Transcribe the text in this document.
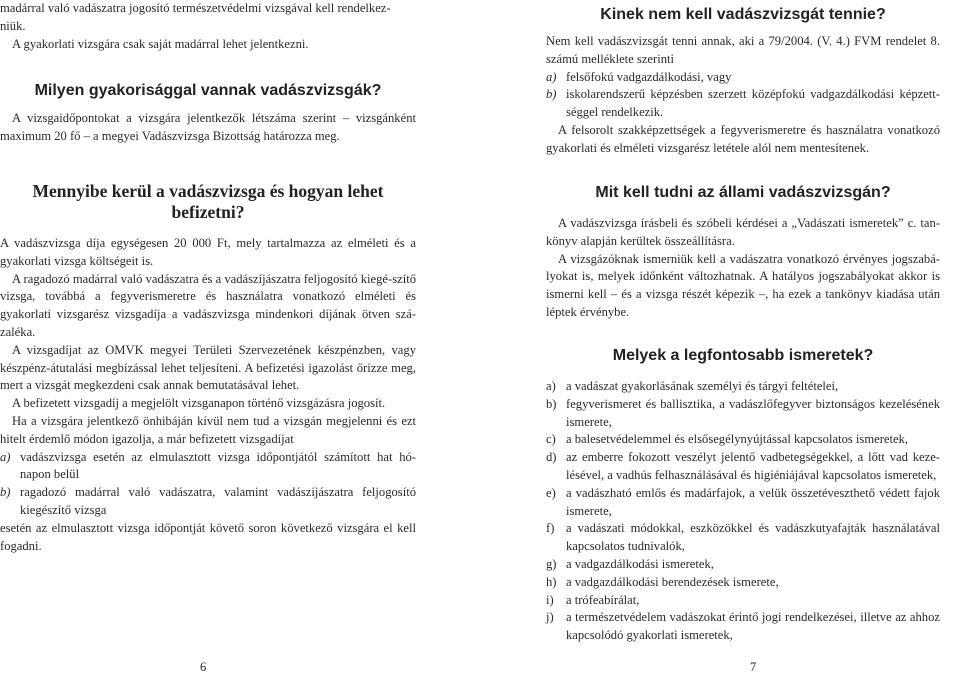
madárral való vadászatra jogosító természetvédelmi vizsgával kell rendelkez-

niük.

A gyakorlati vizsgára csak saját madárral lehet jelentkezni.

Milyen gyakorisággal vannak vadászvizsgák?

A vizsgaidőpontokat a vizsgára jelentkezők létszáma szerint – vizsgánként maximum 20 fő – a megyei Vadászvizsga Bizottság határozza meg.

Mennyibe kerül a vadászvizsga és hogyan lehet befizetni?

A vadászvizsga díja egységesen 20 000 Ft, mely tartalmazza az elméleti és a gyakorlati vizsga költségeit is.

A ragadozó madárral való vadászatra és a vadászíjászatra feljogosító kiegé-szítő vizsga, továbbá a fegyverismeretre és használatra vonatkozó elméleti és gyakorlati vizsgarész vizsgadíja a vadászvizsga mindenkori díjának ötven szá-zaléka.

A vizsgadíjat az OMVK megyei Területi Szervezetének készpénzben, vagy készpénz-átutalási megbízással lehet teljesíteni. A befizetési igazolást őrizze meg, mert a vizsgát megkezdeni csak annak bemutatásával lehet.

A befizetett vizsgadíj a megjelölt vizsganapon történő vizsgázásra jogosít.

Ha a vizsgára jelentkező önhibáján kívül nem tud a vizsgán megjelenni és ezt hitelt érdemlő módon igazolja, a már befizetett vizsgadíjat

a) vadászvizsga esetén az elmulasztott vizsga időpontjától számított hat hó-napon belül
b) ragadozó madárral való vadászatra, valamint vadászíjászatra feljogosító kiegészítő vizsga

esetén az elmulasztott vizsga időpontját követő soron következő vizsgára el kell fogadni.

6
Kinek nem kell vadászvizsgát tennie?

Nem kell vadászvizsgát tenni annak, aki a 79/2004. (V. 4.) FVM rendelet 8. számú melléklete szerinti

a) felsőfokú vadgazdálkodási, vagy
b) iskolarendszerű képzésben szerzett középfokú vadgazdálkodási képzett-séggel rendelkezik.

A felsorolt szakképzettségek a fegyverismeretre és használatra vonatkozó gyakorlati és elméleti vizsgarész letétele alól nem mentesítenek.

Mit kell tudni az állami vadászvizsgán?

A vadászvizsga írásbeli és szóbeli kérdései a „Vadászati ismeretek” c. tan-könyv alapján kerültek összeállításra.

A vizsgázóknak ismerniük kell a vadászatra vonatkozó érvényes jogszabá-lyokat is, melyek időnként változhatnak. A hatályos jogszabályokat akkor is ismerni kell – és a vizsga részét képezik –, ha ezek a tankönyv kiadása után léptek érvénybe.

Melyek a legfontosabb ismeretek?
a) a vadászat gyakorlásának személyi és tárgyi feltételei,
b) fegyverismeret és ballisztika, a vadászlőfegyver biztonságos kezelésének ismerete,
c) a balesetvédelemmel és elsősegélynyújtással kapcsolatos ismeretek,
d) az emberre fokozott veszélyt jelentő vadbetegségekkel, a lőtt vad keze-lésével, a vadhús felhasználásával és higiéniájával kapcsolatos ismeretek,
e) a vadászható emlős és madárfajok, a velük összetéveszthető védett fajok ismerete,
f) a vadászati módokkal, eszközökkel és vadászkutyafajták használatával kapcsolatos tudnivalók,
g) a vadgazdálkodási ismeretek,
h) a vadgazdálkodási berendezések ismerete,
i) a trófeabírálat,
j) a természetvédelem vadászokat érintő jogi rendelkezései, illetve az ahhoz kapcsolódó gyakorlati ismeretek,
7
